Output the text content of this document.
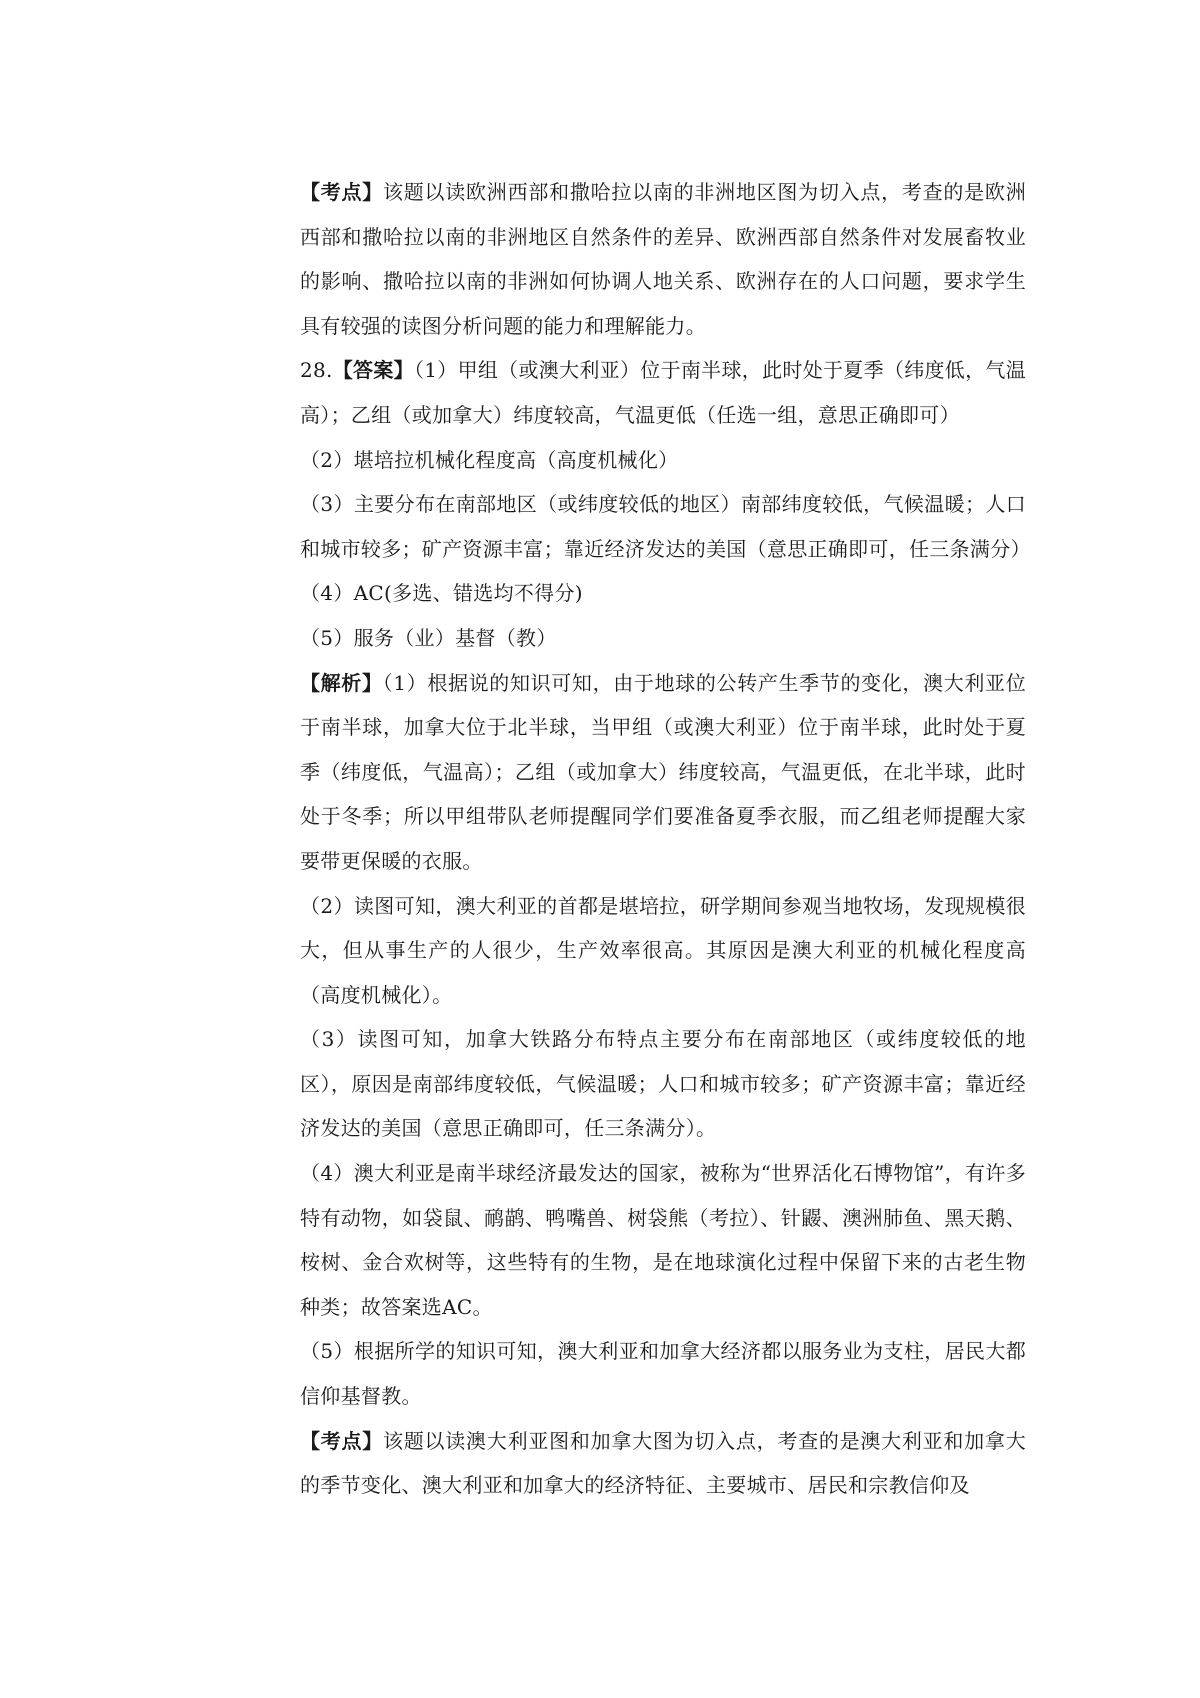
【考点】该题以读欧洲西部和撒哈拉以南的非洲地区图为切入点，考查的是欧洲西部和撒哈拉以南的非洲地区自然条件的差异、欧洲西部自然条件对发展畜牧业的影响、撒哈拉以南的非洲如何协调人地关系、欧洲存在的人口问题，要求学生具有较强的读图分析问题的能力和理解能力。

28.【答案】（1）甲组（或澳大利亚）位于南半球，此时处于夏季（纬度低，气温高）；乙组（或加拿大）纬度较高，气温更低（任选一组，意思正确即可）

（2）堪培拉机械化程度高（高度机械化）

（3）主要分布在南部地区（或纬度较低的地区）南部纬度较低，气候温暖；人口和城市较多；矿产资源丰富；靠近经济发达的美国（意思正确即可，任三条满分）

（4）AC(多选、错选均不得分)

（5）服务（业）基督（教）

【解析】（1）根据说的知识可知，由于地球的公转产生季节的变化，澳大利亚位于南半球，加拿大位于北半球，当甲组（或澳大利亚）位于南半球，此时处于夏季（纬度低，气温高）；乙组（或加拿大）纬度较高，气温更低，在北半球，此时处于冬季；所以甲组带队老师提醒同学们要准备夏季衣服，而乙组老师提醒大家要带更保暖的衣服。

（2）读图可知，澳大利亚的首都是堪培拉，研学期间参观当地牧场，发现规模很大，但从事生产的人很少，生产效率很高。其原因是澳大利亚的机械化程度高（高度机械化）。

（3）读图可知，加拿大铁路分布特点主要分布在南部地区（或纬度较低的地区），原因是南部纬度较低，气候温暖；人口和城市较多；矿产资源丰富；靠近经济发达的美国（意思正确即可，任三条满分）。

（4）澳大利亚是南半球经济最发达的国家，被称为“世界活化石博物馆”，有许多特有动物，如袋鼠、鸸鹋、鸭嘴兽、树袋熊（考拉）、针鼹、澳洲肺鱼、黑天鹅、桉树、金合欢树等，这些特有的生物，是在地球演化过程中保留下来的古老生物种类；故答案选AC。

（5）根据所学的知识可知，澳大利亚和加拿大经济都以服务业为支柱，居民大都信仰基督教。

【考点】该题以读澳大利亚图和加拿大图为切入点，考查的是澳大利亚和加拿大的季节变化、澳大利亚和加拿大的经济特征、主要城市、居民和宗教信仰及
